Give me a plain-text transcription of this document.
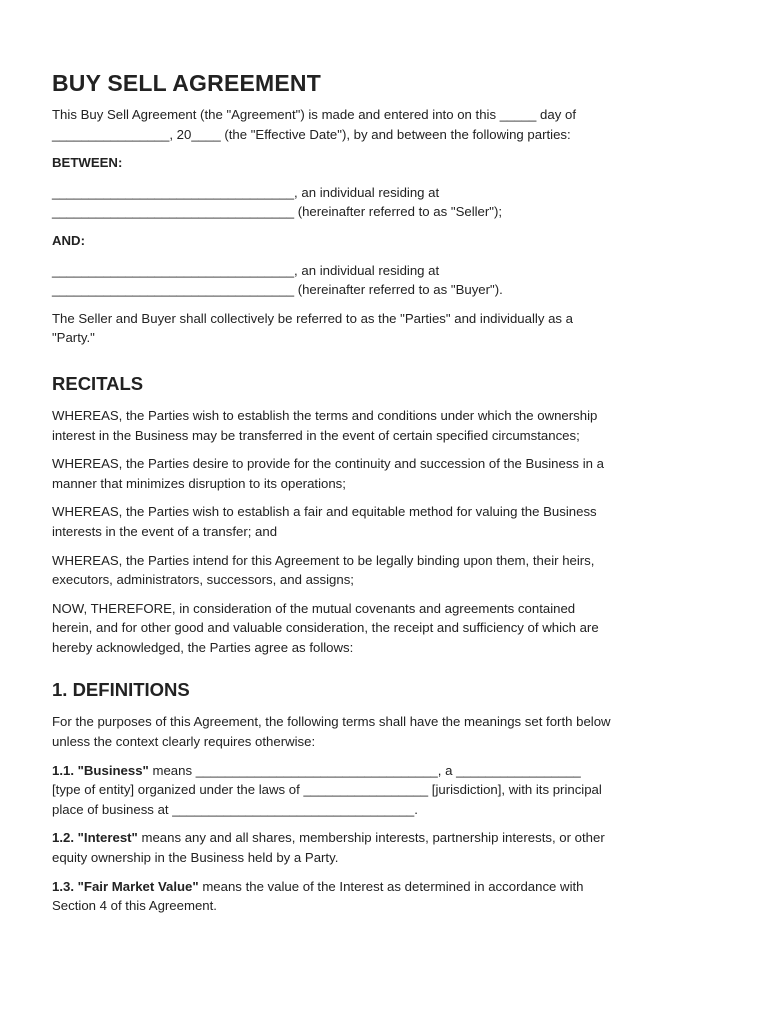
BUY SELL AGREEMENT

This Buy Sell Agreement (the "Agreement") is made and entered into on this _____ day of
________________, 20____ (the "Effective Date"), by and between the following parties:

BETWEEN:

_________________________________, an individual residing at
_________________________________ (hereinafter referred to as "Seller");

AND:

_________________________________, an individual residing at
_________________________________ (hereinafter referred to as "Buyer").

The Seller and Buyer shall collectively be referred to as the "Parties" and individually as a
"Party."

RECITALS

WHEREAS, the Parties wish to establish the terms and conditions under which the ownership
interest in the Business may be transferred in the event of certain specified circumstances;

WHEREAS, the Parties desire to provide for the continuity and succession of the Business in a
manner that minimizes disruption to its operations;

WHEREAS, the Parties wish to establish a fair and equitable method for valuing the Business
interests in the event of a transfer; and

WHEREAS, the Parties intend for this Agreement to be legally binding upon them, their heirs,
executors, administrators, successors, and assigns;

NOW, THEREFORE, in consideration of the mutual covenants and agreements contained
herein, and for other good and valuable consideration, the receipt and sufficiency of which are
hereby acknowledged, the Parties agree as follows:

1. DEFINITIONS

For the purposes of this Agreement, the following terms shall have the meanings set forth below
unless the context clearly requires otherwise:

1.1. "Business" means _________________________________, a _________________
[type of entity] organized under the laws of _________________ [jurisdiction], with its principal
place of business at _________________________________.

1.2. "Interest" means any and all shares, membership interests, partnership interests, or other
equity ownership in the Business held by a Party.

1.3. "Fair Market Value" means the value of the Interest as determined in accordance with
Section 4 of this Agreement.
